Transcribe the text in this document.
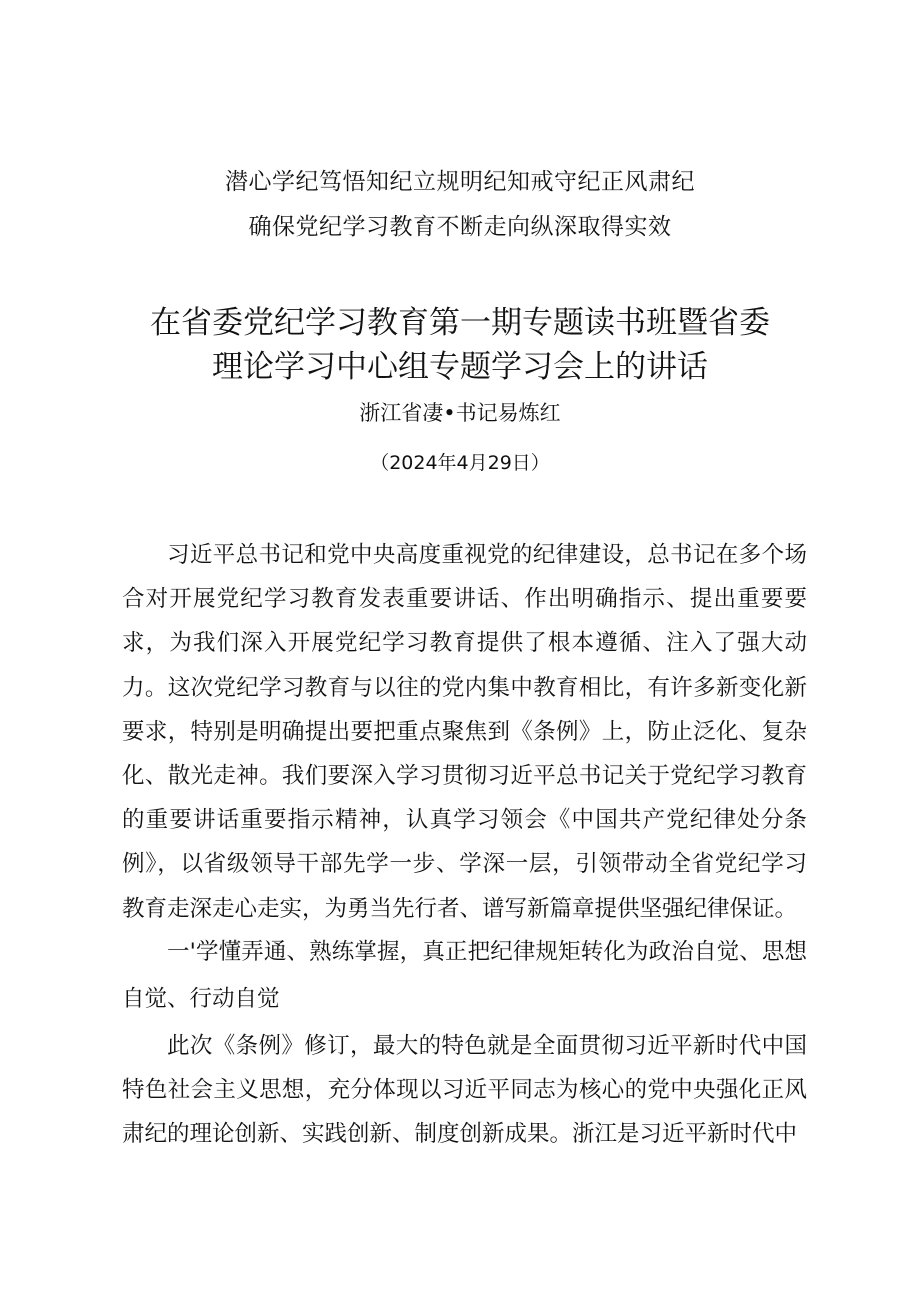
潜心学纪笃悟知纪立规明纪知戒守纪正风肃纪
确保党纪学习教育不断走向纵深取得实效
在省委党纪学习教育第一期专题读书班暨省委
理论学习中心组专题学习会上的讲话
浙江省凄•书记易炼红
（2024年4月29日）
习近平总书记和党中央高度重视党的纪律建设，总书记在多个场合对开展党纪学习教育发表重要讲话、作出明确指示、提出重要要求，为我们深入开展党纪学习教育提供了根本遵循、注入了强大动力。这次党纪学习教育与以往的党内集中教育相比，有许多新变化新要求，特别是明确提出要把重点聚焦到《条例》上，防止泛化、复杂化、散光走神。我们要深入学习贯彻习近平总书记关于党纪学习教育的重要讲话重要指示精神，认真学习领会《中国共产党纪律处分条例》，以省级领导干部先学一步、学深一层，引领带动全省党纪学习教育走深走心走实，为勇当先行者、谱写新篇章提供坚强纪律保证。
一'学懂弄通、熟练掌握，真正把纪律规矩转化为政治自觉、思想自觉、行动自觉
此次《条例》修订，最大的特色就是全面贯彻习近平新时代中国特色社会主义思想，充分体现以习近平同志为核心的党中央强化正风肃纪的理论创新、实践创新、制度创新成果。浙江是习近平新时代中
